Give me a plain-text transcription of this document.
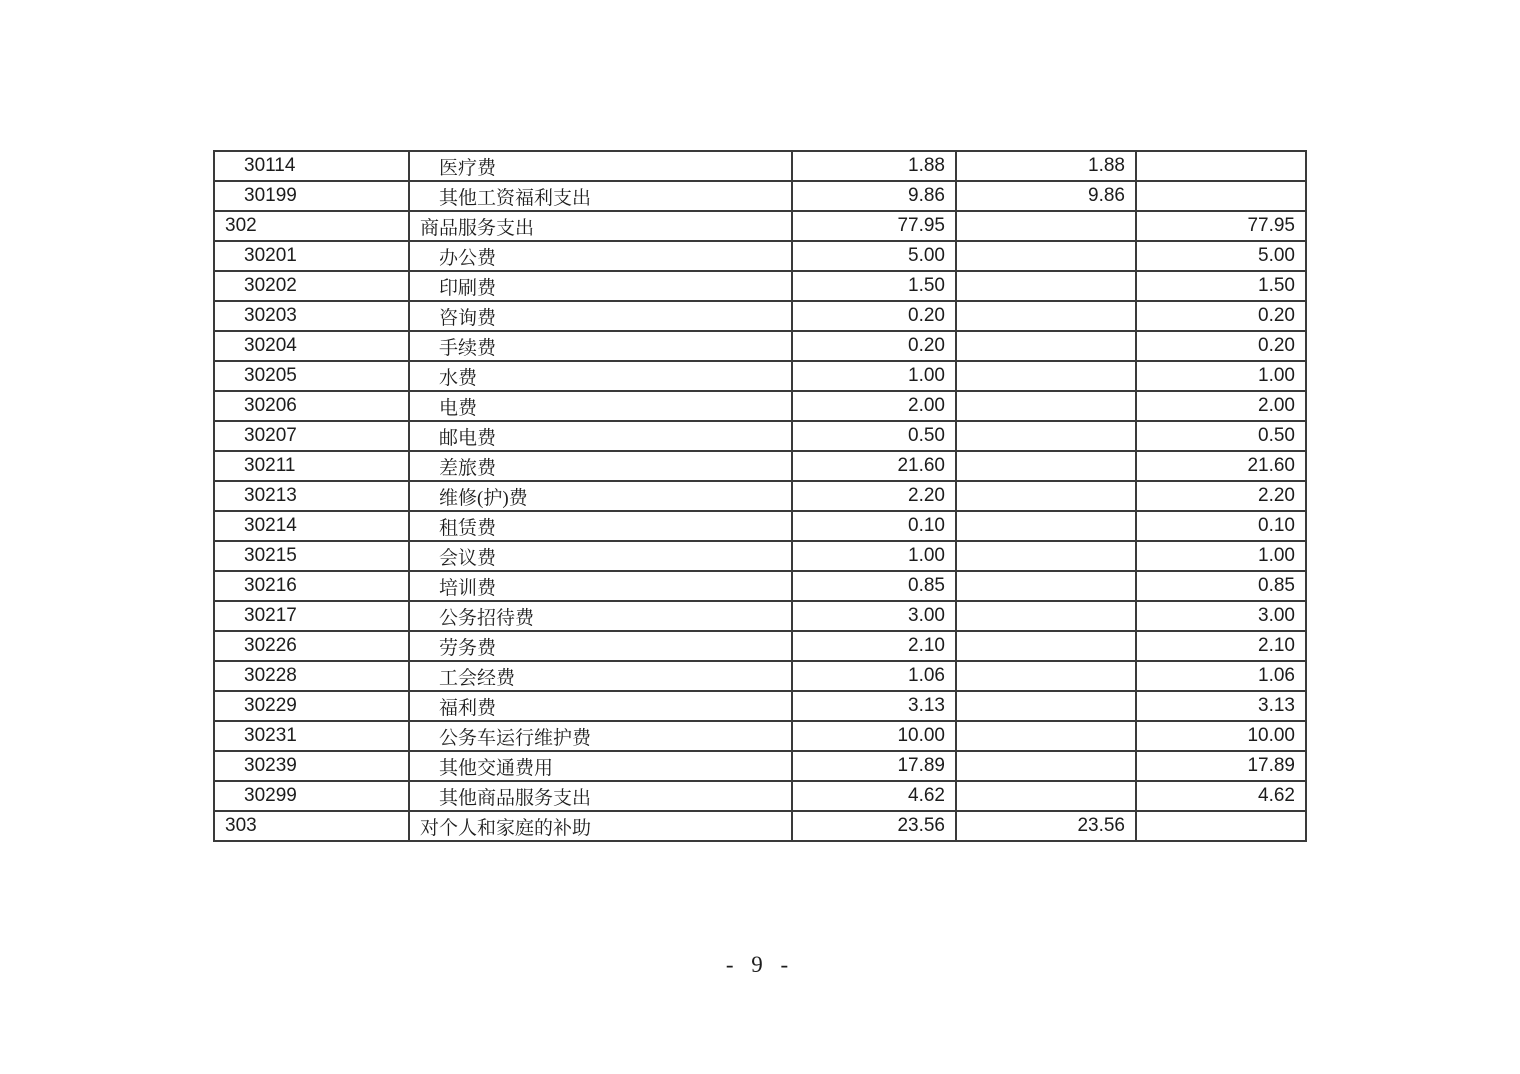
30114	医疗费	1.88	1.88	
30199	其他工资福利支出	9.86	9.86	
302	商品服务支出	77.95		77.95
30201	办公费	5.00		5.00
30202	印刷费	1.50		1.50
30203	咨询费	0.20		0.20
30204	手续费	0.20		0.20
30205	水费	1.00		1.00
30206	电费	2.00		2.00
30207	邮电费	0.50		0.50
30211	差旅费	21.60		21.60
30213	维修(护)费	2.20		2.20
30214	租赁费	0.10		0.10
30215	会议费	1.00		1.00
30216	培训费	0.85		0.85
30217	公务招待费	3.00		3.00
30226	劳务费	2.10		2.10
30228	工会经费	1.06		1.06
30229	福利费	3.13		3.13
30231	公务车运行维护费	10.00		10.00
30239	其他交通费用	17.89		17.89
30299	其他商品服务支出	4.62		4.62
303	对个人和家庭的补助	23.56	23.56	
- 9 -
